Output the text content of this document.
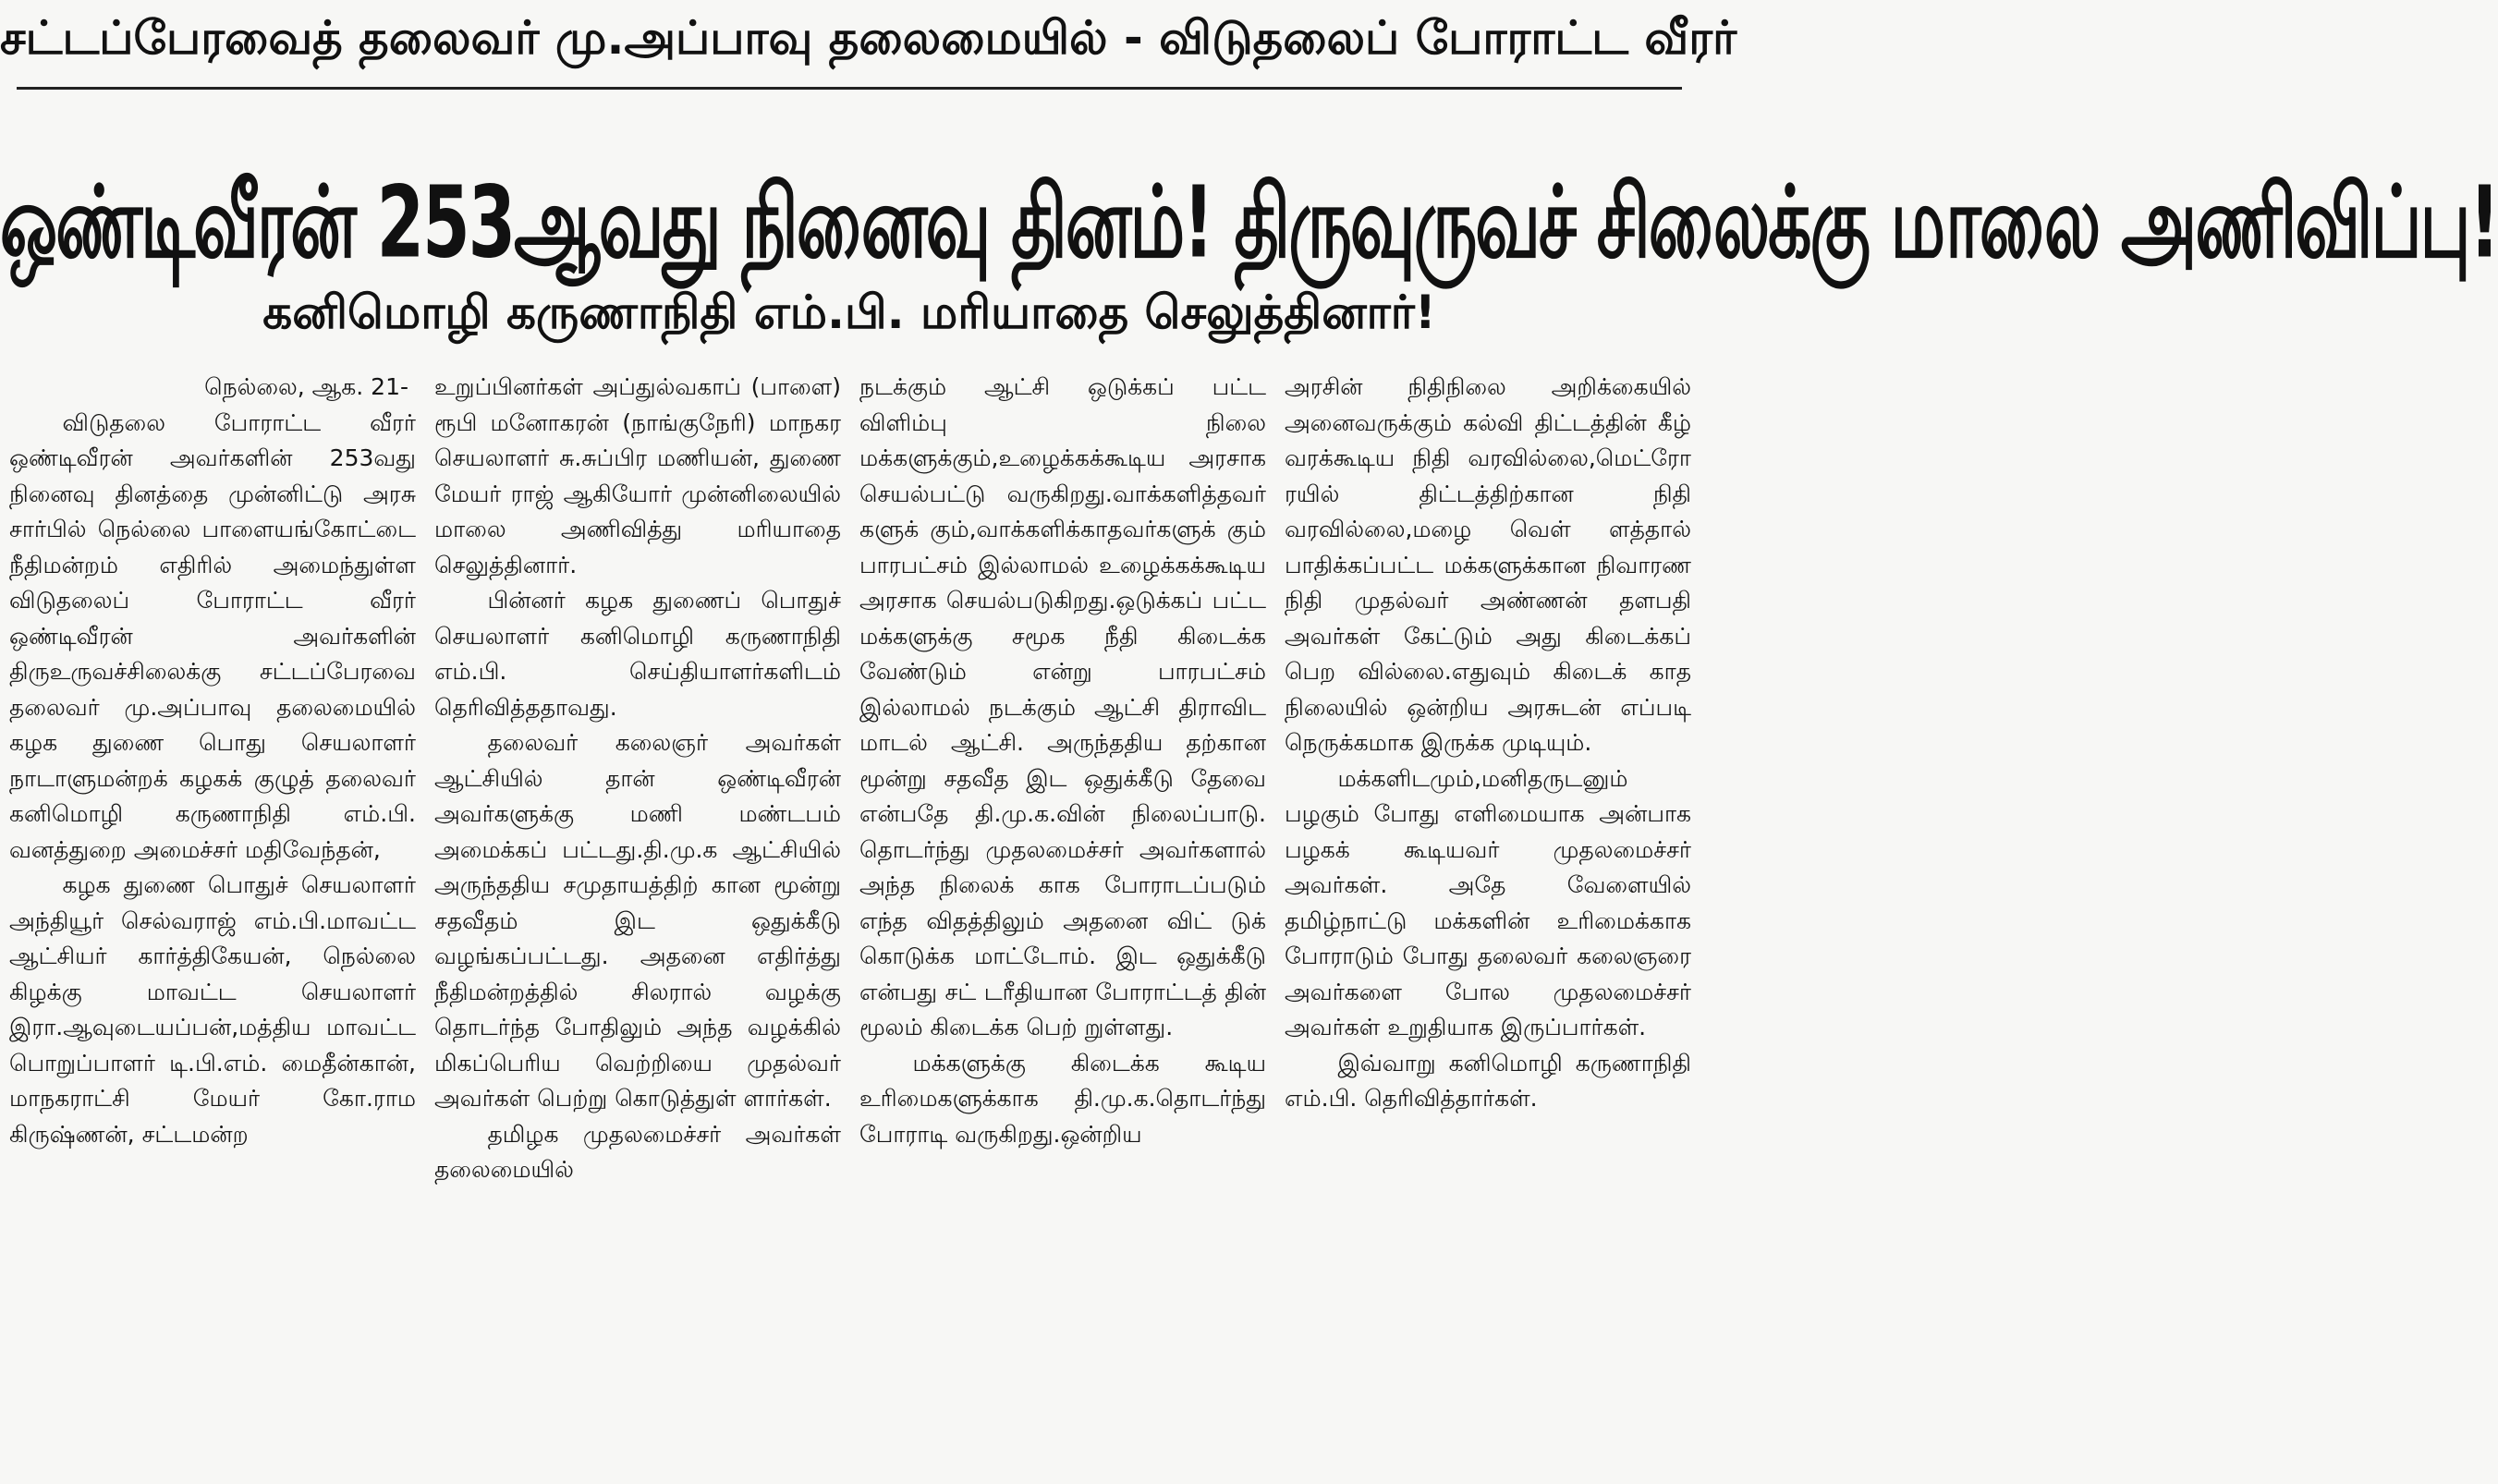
சட்டப்பேரவைத் தலைவர் மு.அப்பாவு தலைமையில் - விடுதலைப் போராட்ட வீரர்
ஒண்டிவீரன் 253ஆவது நினைவு தினம்! திருவுருவச் சிலைக்கு மாலை அணிவிப்பு!
கனிமொழி கருணாநிதி எம்.பி. மரியாதை செலுத்தினார்!
நெல்லை, ஆக. 21-

விடுதலை போராட்ட வீரர் ஒண்டிவீரன் அவர்களின் 253வது நினைவு தினத்தை முன்னிட்டு அரசு சார்பில் நெல்லை பாளையங்கோட்டை நீதிமன்றம் எதிரில் அமைந்துள்ள விடுதலைப் போராட்ட வீரர் ஒண்டிவீரன் அவர்களின் திருஉருவச்சிலைக்கு சட்டப்பேரவை தலைவர் மு.அப்பாவு தலைமையில் கழக துணை பொது செயலாளர் நாடாளுமன்றக் கழகக் குழுத் தலைவர் கனிமொழி கருணாநிதி எம்.பி. வனத்துறை அமைச்சர் மதிவேந்தன்,

கழக துணை பொதுச் செயலாளர் அந்தியூர் செல்வராஜ் எம்.பி.மாவட்ட ஆட்சியர் கார்த்திகேயன், நெல்லை கிழக்கு மாவட்ட செயலாளர் இரா.ஆவுடையப்பன்,மத்திய மாவட்ட பொறுப்பாளர் டி.பி.எம். மைதீன்கான், மாநகராட்சி மேயர் கோ.ராம கிருஷ்ணன், சட்டமன்ற

உறுப்பினர்கள் அப்துல்வகாப் (பாளை) ரூபி மனோகரன் (நாங்குநேரி) மாநகர செயலாளர் சு.சுப்பிர மணியன், துணை மேயர் ராஜ் ஆகியோர் முன்னிலையில் மாலை அணிவித்து மரியாதை செலுத்தினார்.

பின்னர் கழக துணைப் பொதுச் செயலாளர் கனிமொழி கருணாநிதி எம்.பி. செய்தியாளர்களிடம் தெரிவித்ததாவது.

தலைவர் கலைஞர் அவர்கள் ஆட்சியில் தான் ஒண்டிவீரன் அவர்களுக்கு மணி மண்டபம் அமைக்கப் பட்டது.தி.மு.க ஆட்சியில் அருந்ததிய சமுதாயத்திற் கான மூன்று சதவீதம் இட ஒதுக்கீடு வழங்கப்பட்டது. அதனை எதிர்த்து நீதிமன்றத்தில் சிலரால் வழக்கு தொடர்ந்த போதிலும் அந்த வழக்கில் மிகப்பெரிய வெற்றியை முதல்வர் அவர்கள் பெற்று கொடுத்துள் ளார்கள்.

தமிழக முதலமைச்சர் அவர்கள் தலைமையில்

நடக்கும் ஆட்சி ஒடுக்கப் பட்ட விளிம்பு நிலை மக்களுக்கும்,உழைக்கக்கூடிய அரசாக செயல்பட்டு வருகிறது.வாக்களித்தவர் களுக் கும்,வாக்களிக்காதவர்களுக் கும் பாரபட்சம் இல்லாமல் உழைக்கக்கூடிய அரசாக செயல்படுகிறது.ஒடுக்கப் பட்ட மக்களுக்கு சமூக நீதி கிடைக்க வேண்டும் என்று பாரபட்சம் இல்லாமல் நடக்கும் ஆட்சி திராவிட மாடல் ஆட்சி. அருந்ததிய தற்கான மூன்று சதவீத இட ஒதுக்கீடு தேவை என்பதே தி.மு.க.வின் நிலைப்பாடு. தொடர்ந்து முதலமைச்சர் அவர்களால் அந்த நிலைக் காக போராடப்படும் எந்த விதத்திலும் அதனை விட் டுக் கொடுக்க மாட்டோம். இட ஒதுக்கீடு என்பது சட் டரீதியான போராட்டத் தின் மூலம் கிடைக்க பெற் றுள்ளது.

மக்களுக்கு கிடைக்க கூடிய உரிமைகளுக்காக தி.மு.க.தொடர்ந்து போராடி வருகிறது.ஒன்றிய

அரசின் நிதிநிலை அறிக்கையில் அனைவருக்கும் கல்வி திட்டத்தின் கீழ் வரக்கூடிய நிதி வரவில்லை,மெட்ரோ ரயில் திட்டத்திற்கான நிதி வரவில்லை,மழை வெள் ளத்தால் பாதிக்கப்பட்ட மக்களுக்கான நிவாரண நிதி முதல்வர் அண்ணன் தளபதி அவர்கள் கேட்டும் அது கிடைக்கப் பெற வில்லை.எதுவும் கிடைக் காத நிலையில் ஒன்றிய அரசுடன் எப்படி நெருக்கமாக இருக்க முடியும்.

மக்களிடமும்,மனிதருடனும் பழகும் போது எளிமையாக அன்பாக பழகக் கூடியவர் முதலமைச்சர் அவர்கள். அதே வேளையில் தமிழ்நாட்டு மக்களின் உரிமைக்காக போராடும் போது தலைவர் கலைஞரை அவர்களை போல முதலமைச்சர் அவர்கள் உறுதியாக இருப்பார்கள்.

இவ்வாறு கனிமொழி கருணாநிதி எம்.பி. தெரிவித்தார்கள்.
